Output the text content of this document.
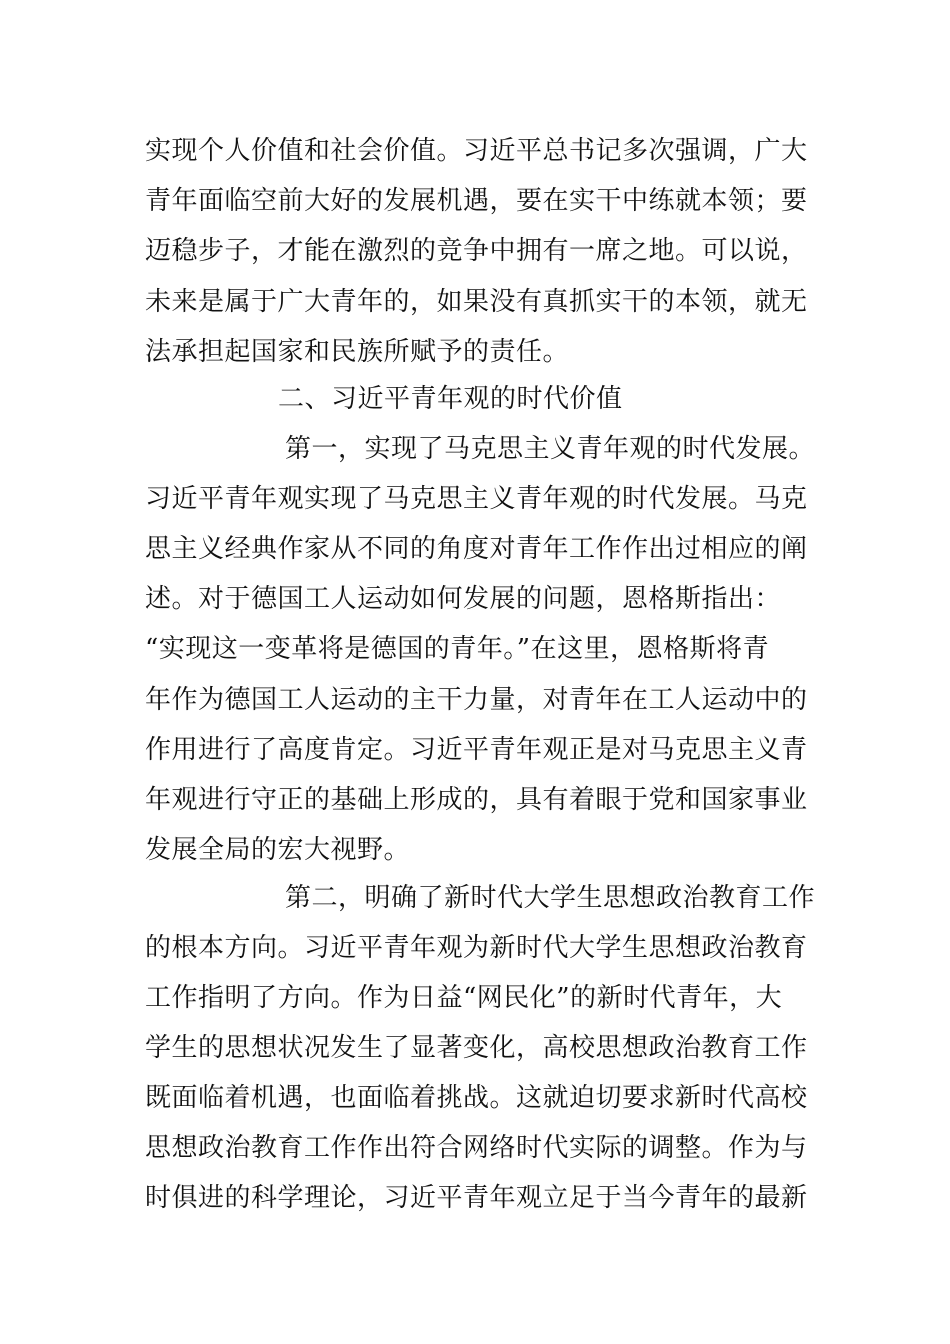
实现个人价值和社会价值。习近平总书记多次强调，广大
青年面临空前大好的发展机遇，要在实干中练就本领；要
迈稳步子，才能在激烈的竞争中拥有一席之地。可以说，
未来是属于广大青年的，如果没有真抓实干的本领，就无
法承担起国家和民族所赋予的责任。
二、习近平青年观的时代价值
第一，实现了马克思主义青年观的时代发展。
习近平青年观实现了马克思主义青年观的时代发展。马克
思主义经典作家从不同的角度对青年工作作出过相应的阐
述。对于德国工人运动如何发展的问题，恩格斯指出：
“实现这一变革将是德国的青年。”在这里，恩格斯将青
年作为德国工人运动的主干力量，对青年在工人运动中的
作用进行了高度肯定。习近平青年观正是对马克思主义青
年观进行守正的基础上形成的，具有着眼于党和国家事业
发展全局的宏大视野。
第二，明确了新时代大学生思想政治教育工作
的根本方向。习近平青年观为新时代大学生思想政治教育
工作指明了方向。作为日益“网民化”的新时代青年，大
学生的思想状况发生了显著变化，高校思想政治教育工作
既面临着机遇，也面临着挑战。这就迫切要求新时代高校
思想政治教育工作作出符合网络时代实际的调整。作为与
时俱进的科学理论，习近平青年观立足于当今青年的最新
